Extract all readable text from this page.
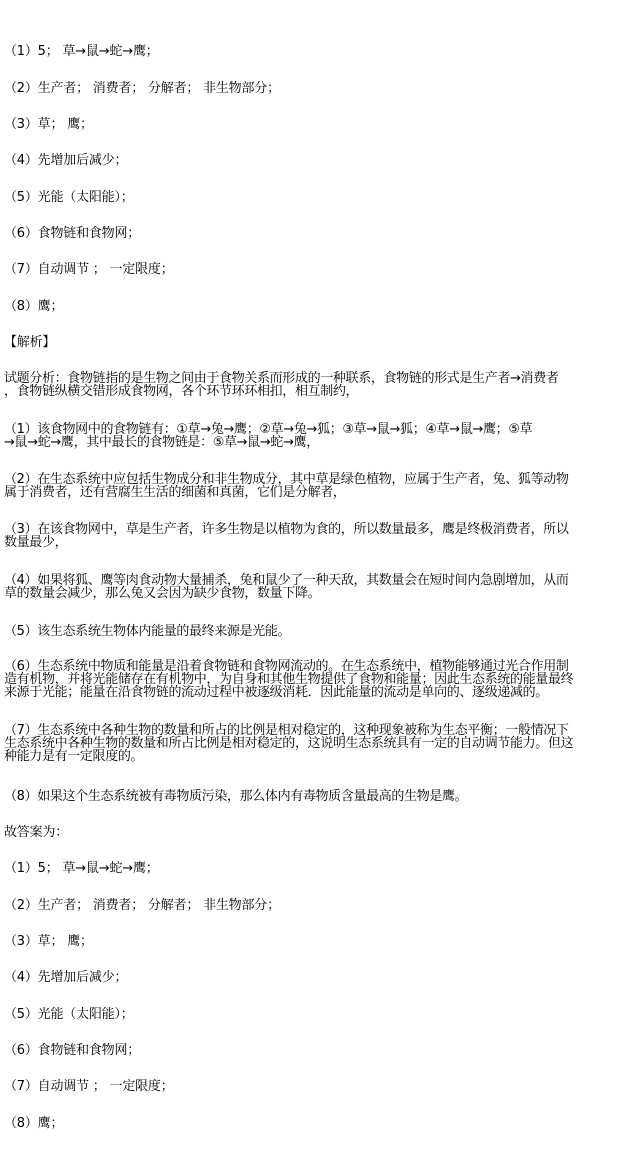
（1）5； 草→鼠→蛇→鹰；
（2）生产者； 消费者； 分解者； 非生物部分；
（3）草； 鹰；
（4）先增加后减少；
（5）光能（太阳能）；
（6）食物链和食物网；
（7）自动调节 ； 一定限度；
（8）鹰；
【解析】
试题分析：食物链指的是生物之间由于食物关系而形成的一种联系，食物链的形式是生产者→消费者
，食物链纵横交错形成食物网，各个环节环环相扣，相互制约，
（1）该食物网中的食物链有：①草→兔→鹰；②草→兔→狐；③草→鼠→狐；④草→鼠→鹰；⑤草
→鼠→蛇→鹰，其中最长的食物链是：⑤草→鼠→蛇→鹰，
（2）在生态系统中应包括生物成分和非生物成分，其中草是绿色植物，应属于生产者，兔、狐等动物
属于消费者，还有营腐生生活的细菌和真菌，它们是分解者，
（3）在该食物网中，草是生产者，许多生物是以植物为食的，所以数量最多，鹰是终极消费者，所以
数量最少，
（4）如果将狐、鹰等肉食动物大量捕杀，兔和鼠少了一种天敌，其数量会在短时间内急剧增加，从而
草的数量会减少，那么兔又会因为缺少食物，数量下降。
（5）该生态系统生物体内能量的最终来源是光能。
（6）生态系统中物质和能量是沿着食物链和食物网流动的。在生态系统中，植物能够通过光合作用制
造有机物，并将光能储存在有机物中，为自身和其他生物提供了食物和能量；因此生态系统的能量最终
来源于光能；能量在沿食物链的流动过程中被逐级消耗．因此能量的流动是单向的、逐级递减的。
（7）生态系统中各种生物的数量和所占的比例是相对稳定的，这种现象被称为生态平衡；一般情况下
生态系统中各种生物的数量和所占比例是相对稳定的，这说明生态系统具有一定的自动调节能力。但这
种能力是有一定限度的。
（8）如果这个生态系统被有毒物质污染，那么体内有毒物质含量最高的生物是鹰。
故答案为：
（1）5； 草→鼠→蛇→鹰；
（2）生产者； 消费者； 分解者； 非生物部分；
（3）草； 鹰；
（4）先增加后减少；
（5）光能（太阳能）；
（6）食物链和食物网；
（7）自动调节 ； 一定限度；
（8）鹰；
